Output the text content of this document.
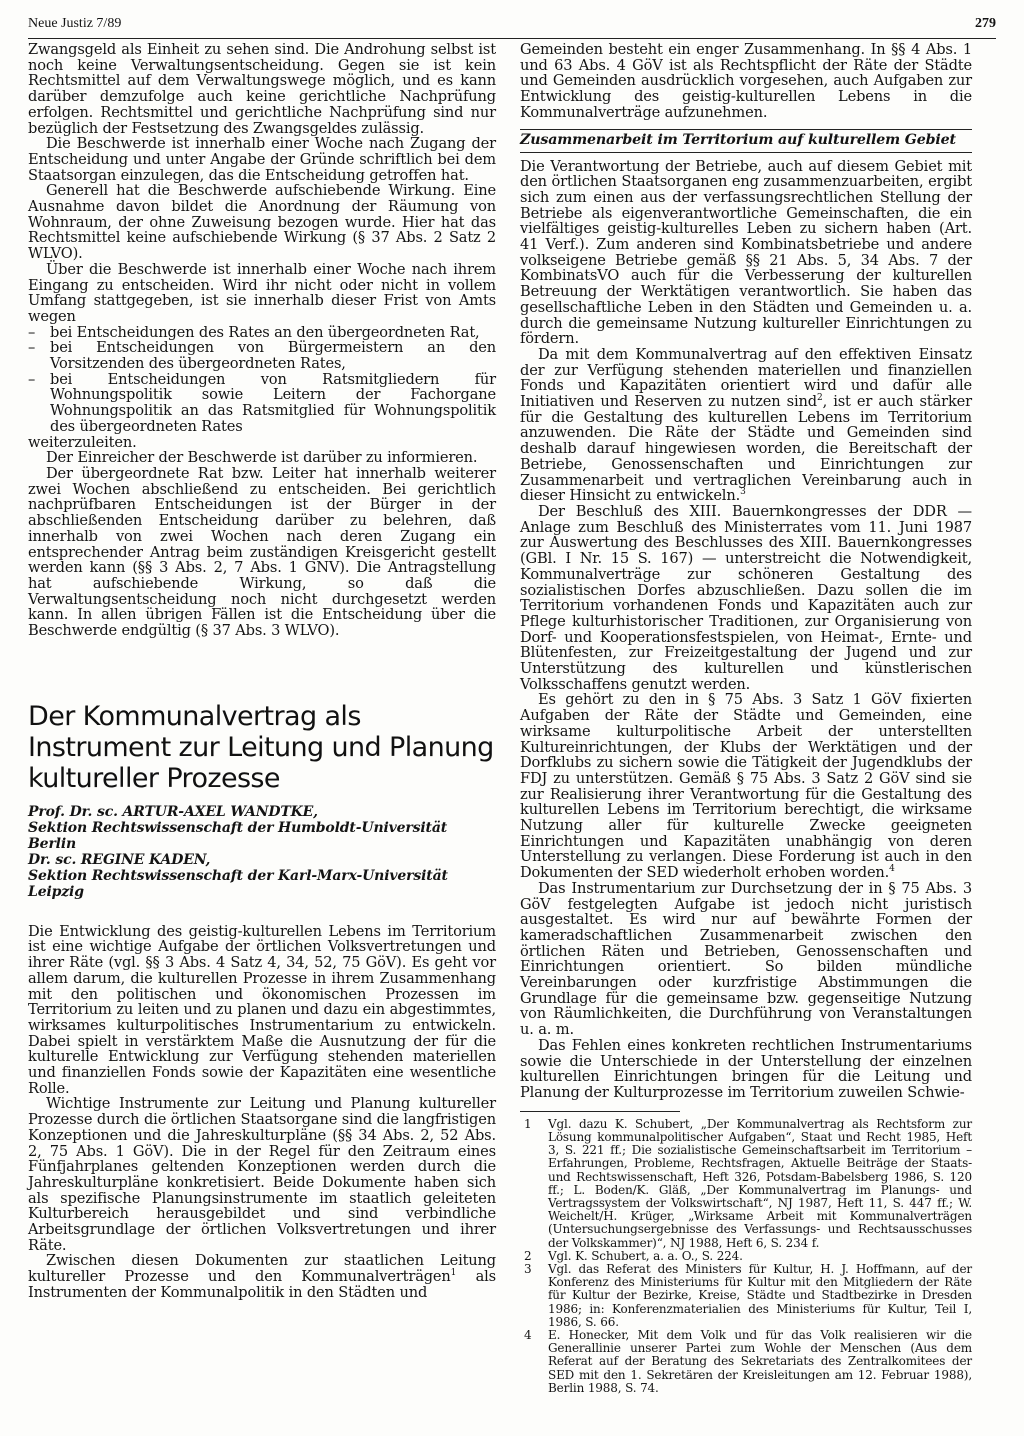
Neue Justiz 7/89	279

Zwangsgeld als Einheit zu sehen sind. Die Androhung selbst ist noch keine Verwaltungsentscheidung. Gegen sie ist kein Rechtsmittel auf dem Verwaltungswege möglich, und es kann darüber demzufolge auch keine gerichtliche Nachprüfung erfolgen. Rechtsmittel und gerichtliche Nachprüfung sind nur bezüglich der Festsetzung des Zwangsgeldes zulässig.

Die Beschwerde ist innerhalb einer Woche nach Zugang der Entscheidung und unter Angabe der Gründe schriftlich bei dem Staatsorgan einzulegen, das die Entscheidung getroffen hat.

Generell hat die Beschwerde aufschiebende Wirkung. Eine Ausnahme davon bildet die Anordnung der Räumung von Wohnraum, der ohne Zuweisung bezogen wurde. Hier hat das Rechtsmittel keine aufschiebende Wirkung (§ 37 Abs. 2 Satz 2 WLVO).

Über die Beschwerde ist innerhalb einer Woche nach ihrem Eingang zu entscheiden. Wird ihr nicht oder nicht in vollem Umfang stattgegeben, ist sie innerhalb dieser Frist von Amts wegen

–	bei Entscheidungen des Rates an den übergeordneten Rat,
–	bei Entscheidungen von Bürgermeistern an den Vorsitzenden des übergeordneten Rates,
–	bei Entscheidungen von Ratsmitgliedern für Wohnungspolitik sowie Leitern der Fachorgane Wohnungspolitik an das Ratsmitglied für Wohnungspolitik des übergeordneten Rates

weiterzuleiten.

Der Einreicher der Beschwerde ist darüber zu informieren.

Der übergeordnete Rat bzw. Leiter hat innerhalb weiterer zwei Wochen abschließend zu entscheiden. Bei gerichtlich nachprüfbaren Entscheidungen ist der Bürger in der abschließenden Entscheidung darüber zu belehren, daß innerhalb von zwei Wochen nach deren Zugang ein entsprechender Antrag beim zuständigen Kreisgericht gestellt werden kann (§§ 3 Abs. 2, 7 Abs. 1 GNV). Die Antragstellung hat aufschiebende Wirkung, so daß die Verwaltungsentscheidung noch nicht durchgesetzt werden kann. In allen übrigen Fällen ist die Entscheidung über die Beschwerde endgültig (§ 37 Abs. 3 WLVO).

Der Kommunalvertrag als Instrument zur Leitung und Planung kultureller Prozesse
Prof. Dr. sc. ARTUR-AXEL WANDTKE,
Sektion Rechtswissenschaft der Humboldt-Universität Berlin
Dr. sc. REGINE KADEN,
Sektion Rechtswissenschaft der Karl-Marx-Universität Leipzig

Die Entwicklung des geistig-kulturellen Lebens im Territorium ist eine wichtige Aufgabe der örtlichen Volksvertretungen und ihrer Räte (vgl. §§ 3 Abs. 4 Satz 4, 34, 52, 75 GöV). Es geht vor allem darum, die kulturellen Prozesse in ihrem Zusammenhang mit den politischen und ökonomischen Prozessen im Territorium zu leiten und zu planen und dazu ein abgestimmtes, wirksames kulturpolitisches Instrumentarium zu entwickeln. Dabei spielt in verstärktem Maße die Ausnutzung der für die kulturelle Entwicklung zur Verfügung stehenden materiellen und finanziellen Fonds sowie der Kapazitäten eine wesentliche Rolle.

Wichtige Instrumente zur Leitung und Planung kultureller Prozesse durch die örtlichen Staatsorgane sind die langfristigen Konzeptionen und die Jahreskulturpläne (§§ 34 Abs. 2, 52 Abs. 2, 75 Abs. 1 GöV). Die in der Regel für den Zeitraum eines Fünfjahrplanes geltenden Konzeptionen werden durch die Jahreskulturpläne konkretisiert. Beide Dokumente haben sich als spezifische Planungsinstrumente im staatlich geleiteten Kulturbereich herausgebildet und sind verbindliche Arbeitsgrundlage der örtlichen Volksvertretungen und ihrer Räte.

Zwischen diesen Dokumenten zur staatlichen Leitung kultureller Prozesse und den Kommunalverträgen$^1$ als Instrumenten der Kommunalpolitik in den Städten und

Gemeinden besteht ein enger Zusammenhang. In §§ 4 Abs. 1 und 63 Abs. 4 GöV ist als Rechtspflicht der Räte der Städte und Gemeinden ausdrücklich vorgesehen, auch Aufgaben zur Entwicklung des geistig-kulturellen Lebens in die Kommunalverträge aufzunehmen.

Zusammenarbeit im Territorium auf kulturellem Gebiet

Die Verantwortung der Betriebe, auch auf diesem Gebiet mit den örtlichen Staatsorganen eng zusammenzuarbeiten, ergibt sich zum einen aus der verfassungsrechtlichen Stellung der Betriebe als eigenverantwortliche Gemeinschaften, die ein vielfältiges geistig-kulturelles Leben zu sichern haben (Art. 41 Verf.). Zum anderen sind Kombinatsbetriebe und andere volkseigene Betriebe gemäß §§ 21 Abs. 5, 34 Abs. 7 der KombinatsVO auch für die Verbesserung der kulturellen Betreuung der Werktätigen verantwortlich. Sie haben das gesellschaftliche Leben in den Städten und Gemeinden u. a. durch die gemeinsame Nutzung kultureller Einrichtungen zu fördern.

Da mit dem Kommunalvertrag auf den effektiven Einsatz der zur Verfügung stehenden materiellen und finanziellen Fonds und Kapazitäten orientiert wird und dafür alle Initiativen und Reserven zu nutzen sind$^2$, ist er auch stärker für die Gestaltung des kulturellen Lebens im Territorium anzuwenden. Die Räte der Städte und Gemeinden sind deshalb darauf hingewiesen worden, die Bereitschaft der Betriebe, Genossenschaften und Einrichtungen zur Zusammenarbeit und vertraglichen Vereinbarung auch in dieser Hinsicht zu entwickeln.$^3$

Der Beschluß des XIII. Bauernkongresses der DDR — Anlage zum Beschluß des Ministerrates vom 11. Juni 1987 zur Auswertung des Beschlusses des XIII. Bauernkongresses (GBl. I Nr. 15 S. 167) — unterstreicht die Notwendigkeit, Kommunalverträge zur schöneren Gestaltung des sozialistischen Dorfes abzuschließen. Dazu sollen die im Territorium vorhandenen Fonds und Kapazitäten auch zur Pflege kulturhistorischer Traditionen, zur Organisierung von Dorf- und Kooperationsfestspielen, von Heimat-, Ernte- und Blütenfesten, zur Freizeitgestaltung der Jugend und zur Unterstützung des kulturellen und künstlerischen Volksschaffens genutzt werden.

Es gehört zu den in § 75 Abs. 3 Satz 1 GöV fixierten Aufgaben der Räte der Städte und Gemeinden, eine wirksame kulturpolitische Arbeit der unterstellten Kultureinrichtungen, der Klubs der Werktätigen und der Dorfklubs zu sichern sowie die Tätigkeit der Jugendklubs der FDJ zu unterstützen. Gemäß § 75 Abs. 3 Satz 2 GöV sind sie zur Realisierung ihrer Verantwortung für die Gestaltung des kulturellen Lebens im Territorium berechtigt, die wirksame Nutzung aller für kulturelle Zwecke geeigneten Einrichtungen und Kapazitäten unabhängig von deren Unterstellung zu verlangen. Diese Forderung ist auch in den Dokumenten der SED wiederholt erhoben worden.$^4$

Das Instrumentarium zur Durchsetzung der in § 75 Abs. 3 GöV festgelegten Aufgabe ist jedoch nicht juristisch ausgestaltet. Es wird nur auf bewährte Formen der kameradschaftlichen Zusammenarbeit zwischen den örtlichen Räten und Betrieben, Genossenschaften und Einrichtungen orientiert. So bilden mündliche Vereinbarungen oder kurzfristige Abstimmungen die Grundlage für die gemeinsame bzw. gegenseitige Nutzung von Räumlichkeiten, die Durchführung von Veranstaltungen u. a. m.

Das Fehlen eines konkreten rechtlichen Instrumentariums sowie die Unterschiede in der Unterstellung der einzelnen kulturellen Einrichtungen bringen für die Leitung und Planung der Kulturprozesse im Territorium zuweilen Schwie-

1	Vgl. dazu K. Schubert, „Der Kommunalvertrag als Rechtsform zur Lösung kommunalpolitischer Aufgaben“, Staat und Recht 1985, Heft 3, S. 221 ff.; Die sozialistische Gemeinschaftsarbeit im Territorium – Erfahrungen, Probleme, Rechtsfragen, Aktuelle Beiträge der Staats- und Rechtswissenschaft, Heft 326, Potsdam-Babelsberg 1986, S. 120 ff.; L. Boden/K. Gläß, „Der Kommunalvertrag im Planungs- und Vertragssystem der Volkswirtschaft“, NJ 1987, Heft 11, S. 447 ff.; W. Weichelt/H. Krüger, „Wirksame Arbeit mit Kommunalverträgen (Untersuchungsergebnisse des Verfassungs- und Rechtsausschusses der Volkskammer)“, NJ 1988, Heft 6, S. 234 f.
2	Vgl. K. Schubert, a. a. O., S. 224.
3	Vgl. das Referat des Ministers für Kultur, H. J. Hoffmann, auf der Konferenz des Ministeriums für Kultur mit den Mitgliedern der Räte für Kultur der Bezirke, Kreise, Städte und Stadtbezirke in Dresden 1986; in: Konferenzmaterialien des Ministeriums für Kultur, Teil I, 1986, S. 66.
4	E. Honecker, Mit dem Volk und für das Volk realisieren wir die Generallinie unserer Partei zum Wohle der Menschen (Aus dem Referat auf der Beratung des Sekretariats des Zentralkomitees der SED mit den 1. Sekretären der Kreisleitungen am 12. Februar 1988), Berlin 1988, S. 74.
